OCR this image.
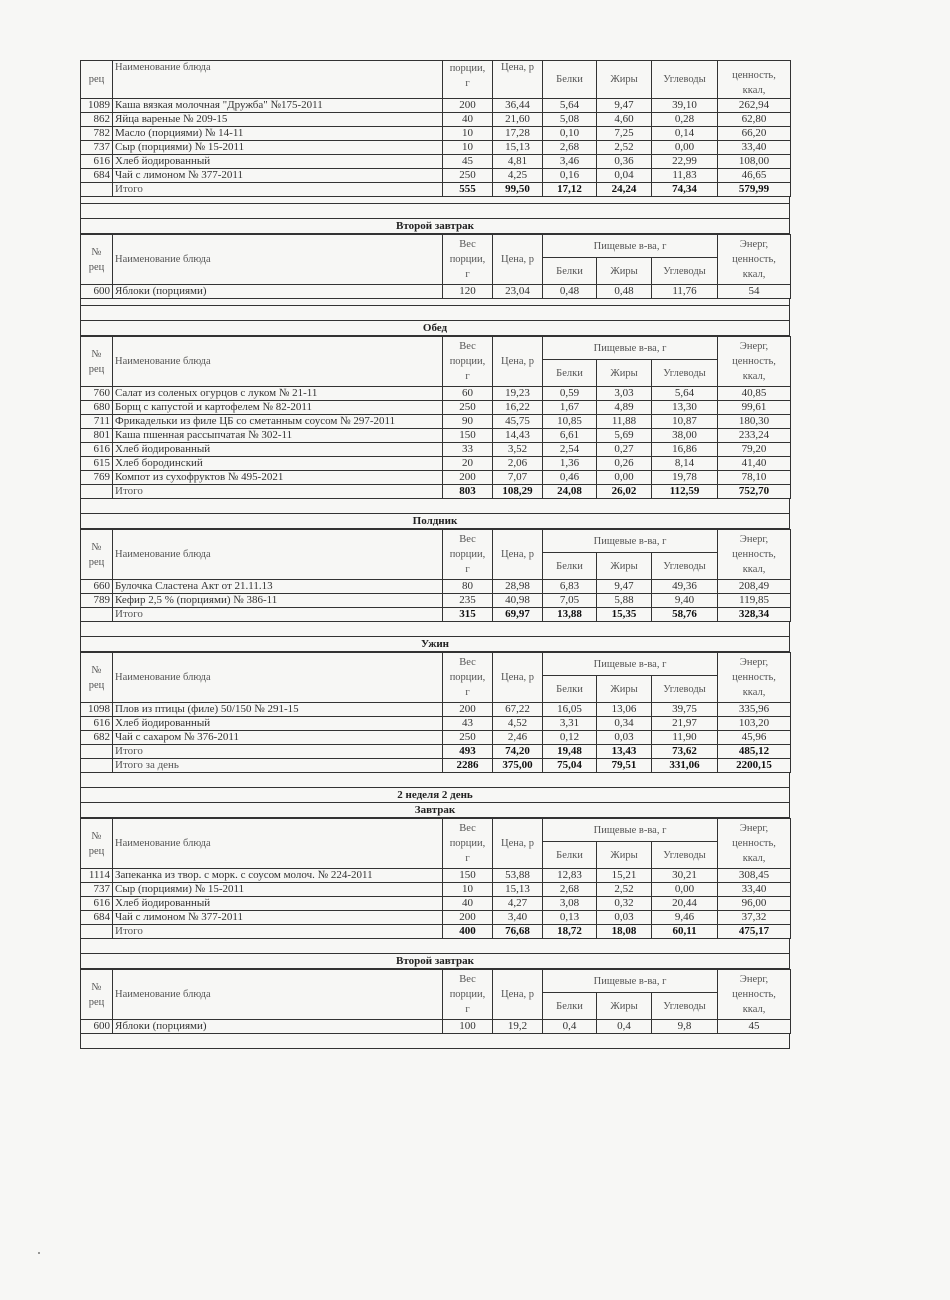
рец	Наименование блюда	порции,
г	Цена, р	Белки	Жиры	Углеводы	ценность,
ккал,

1089	Каша вязкая молочная "Дружба" №175-2011	200	36,44	5,64	9,47	39,10	262,94
862	Яйца вареные № 209-15	40	21,60	5,08	4,60	0,28	62,80
782	Масло (порциями) № 14-11	10	17,28	0,10	7,25	0,14	66,20
737	Сыр (порциями) № 15-2011	10	15,13	2,68	2,52	0,00	33,40
616	Хлеб йодированный	45	4,81	3,46	0,36	22,99	108,00
684	Чай с лимоном № 377-2011	250	4,25	0,16	0,04	11,83	46,65
	Итого	555	99,50	17,12	24,24	74,34	579,99
Второй завтрак
№
рец	Наименование блюда	Вес
порции,
г	Цена, р	Пищевые в-ва, г			Энерг,
ценность,
ккал,

				Белки	Жиры	Углеводы	
600	Яблоки (порциями)	120	23,04	0,48	0,48	11,76	54
Обед
№
рец	Наименование блюда	Вес
порции,
г	Цена, р	Пищевые в-ва, г			Энерг,
ценность,
ккал,

				Белки	Жиры	Углеводы	
760	Салат из соленых огурцов с луком № 21-11	60	19,23	0,59	3,03	5,64	40,85
680	Борщ с капустой и картофелем № 82-2011	250	16,22	1,67	4,89	13,30	99,61
711	Фрикадельки из филе ЦБ со сметанным соусом № 297-2011	90	45,75	10,85	11,88	10,87	180,30
801	Каша пшенная рассыпчатая № 302-11	150	14,43	6,61	5,69	38,00	233,24
616	Хлеб йодированный	33	3,52	2,54	0,27	16,86	79,20
615	Хлеб бородинский	20	2,06	1,36	0,26	8,14	41,40
769	Компот из сухофруктов № 495-2021	200	7,07	0,46	0,00	19,78	78,10
	Итого	803	108,29	24,08	26,02	112,59	752,70
Полдник
№
рец	Наименование блюда	Вес
порции,
г	Цена, р	Пищевые в-ва, г			Энерг,
ценность,
ккал,

				Белки	Жиры	Углеводы	
660	Булочка Сластена Акт от 21.11.13	80	28,98	6,83	9,47	49,36	208,49
789	Кефир 2,5 % (порциями) № 386-11	235	40,98	7,05	5,88	9,40	119,85
	Итого	315	69,97	13,88	15,35	58,76	328,34
Ужин
№
рец	Наименование блюда	Вес
порции,
г	Цена, р	Пищевые в-ва, г			Энерг,
ценность,
ккал,

				Белки	Жиры	Углеводы	
1098	Плов из птицы (филе) 50/150 № 291-15	200	67,22	16,05	13,06	39,75	335,96
616	Хлеб йодированный	43	4,52	3,31	0,34	21,97	103,20
682	Чай с сахаром № 376-2011	250	2,46	0,12	0,03	11,90	45,96
	Итого	493	74,20	19,48	13,43	73,62	485,12
	Итого за день	2286	375,00	75,04	79,51	331,06	2200,15
2 неделя 2 день
Завтрак
№
рец	Наименование блюда	Вес
порции,
г	Цена, р	Пищевые в-ва, г			Энерг,
ценность,
ккал,

				Белки	Жиры	Углеводы	
1114	Запеканка из твор. с морк. с соусом молоч. № 224-2011	150	53,88	12,83	15,21	30,21	308,45
737	Сыр (порциями) № 15-2011	10	15,13	2,68	2,52	0,00	33,40
616	Хлеб йодированный	40	4,27	3,08	0,32	20,44	96,00
684	Чай с лимоном № 377-2011	200	3,40	0,13	0,03	9,46	37,32
	Итого	400	76,68	18,72	18,08	60,11	475,17
Второй завтрак
№
рец	Наименование блюда	Вес
порции,
г	Цена, р	Пищевые в-ва, г			Энерг,
ценность,
ккал,

				Белки	Жиры	Углеводы	
600	Яблоки (порциями)	100	19,2	0,4	0,4	9,8	45
